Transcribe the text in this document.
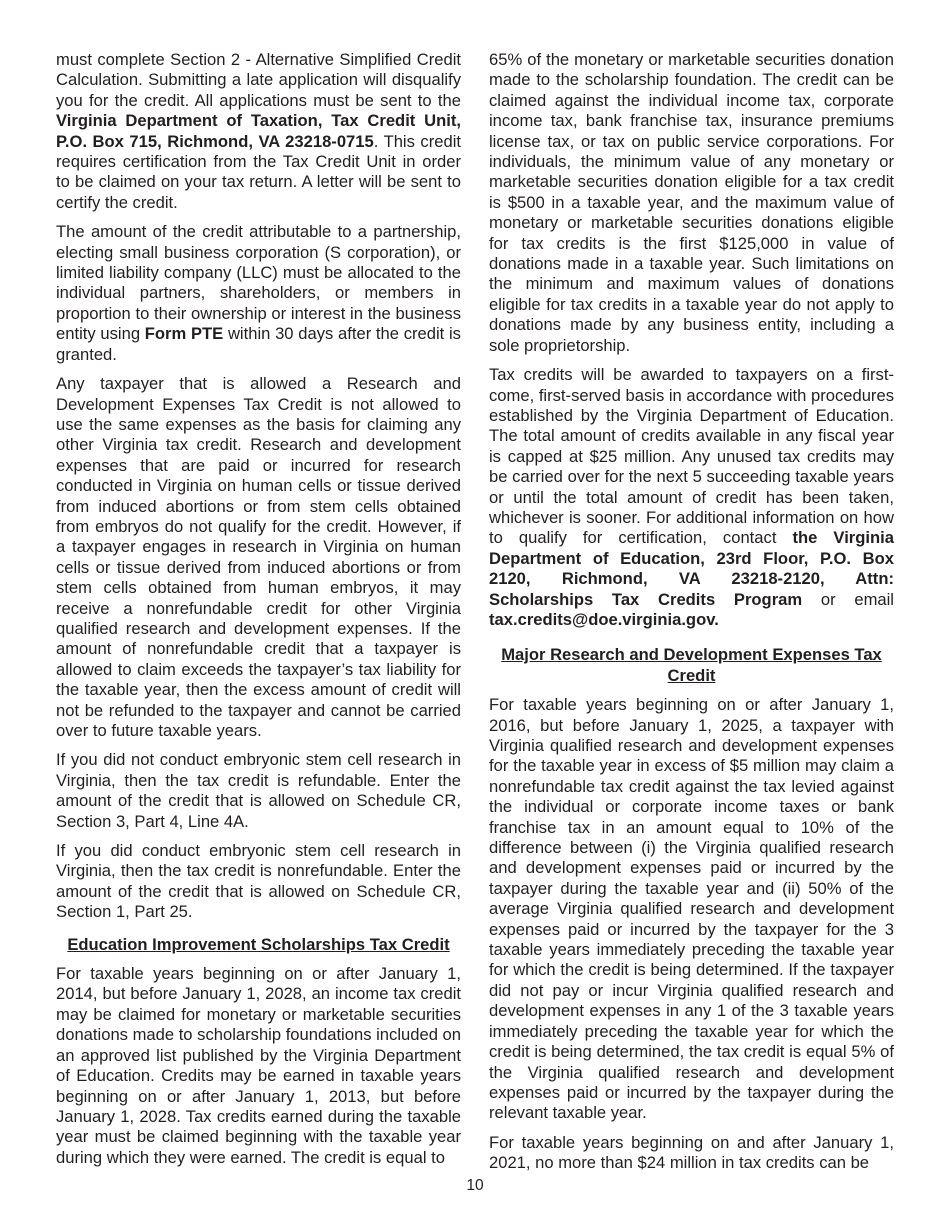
must complete Section 2 - Alternative Simplified Credit Calculation. Submitting a late application will disqualify you for the credit. All applications must be sent to the Virginia Department of Taxation, Tax Credit Unit, P.O. Box 715, Richmond, VA 23218-0715. This credit requires certification from the Tax Credit Unit in order to be claimed on your tax return. A letter will be sent to certify the credit.

The amount of the credit attributable to a partnership, electing small business corporation (S corporation), or limited liability company (LLC) must be allocated to the individual partners, shareholders, or members in proportion to their ownership or interest in the business entity using Form PTE within 30 days after the credit is granted.

Any taxpayer that is allowed a Research and Development Expenses Tax Credit is not allowed to use the same expenses as the basis for claiming any other Virginia tax credit. Research and development expenses that are paid or incurred for research conducted in Virginia on human cells or tissue derived from induced abortions or from stem cells obtained from embryos do not qualify for the credit. However, if a taxpayer engages in research in Virginia on human cells or tissue derived from induced abortions or from stem cells obtained from human embryos, it may receive a nonrefundable credit for other Virginia qualified research and development expenses. If the amount of nonrefundable credit that a taxpayer is allowed to claim exceeds the taxpayer’s tax liability for the taxable year, then the excess amount of credit will not be refunded to the taxpayer and cannot be carried over to future taxable years.

If you did not conduct embryonic stem cell research in Virginia, then the tax credit is refundable. Enter the amount of the credit that is allowed on Schedule CR, Section 3, Part 4, Line 4A.

If you did conduct embryonic stem cell research in Virginia, then the tax credit is nonrefundable. Enter the amount of the credit that is allowed on Schedule CR, Section 1, Part 25.

Education Improvement Scholarships Tax Credit

For taxable years beginning on or after January 1, 2014, but before January 1, 2028, an income tax credit may be claimed for monetary or marketable securities donations made to scholarship foundations included on an approved list published by the Virginia Department of Education. Credits may be earned in taxable years beginning on or after January 1, 2013, but before January 1, 2028. Tax credits earned during the taxable year must be claimed beginning with the taxable year during which they were earned. The credit is equal to

65% of the monetary or marketable securities donation made to the scholarship foundation. The credit can be claimed against the individual income tax, corporate income tax, bank franchise tax, insurance premiums license tax, or tax on public service corporations. For individuals, the minimum value of any monetary or marketable securities donation eligible for a tax credit is $500 in a taxable year, and the maximum value of monetary or marketable securities donations eligible for tax credits is the first $125,000 in value of donations made in a taxable year. Such limitations on the minimum and maximum values of donations eligible for tax credits in a taxable year do not apply to donations made by any business entity, including a sole proprietorship.

Tax credits will be awarded to taxpayers on a first-come, first-served basis in accordance with procedures established by the Virginia Department of Education. The total amount of credits available in any fiscal year is capped at $25 million. Any unused tax credits may be carried over for the next 5 succeeding taxable years or until the total amount of credit has been taken, whichever is sooner. For additional information on how to qualify for certification, contact the Virginia Department of Education, 23rd Floor, P.O. Box 2120, Richmond, VA 23218-2120, Attn: Scholarships Tax Credits Program or email tax.credits@doe.virginia.gov.

Major Research and Development Expenses Tax Credit

For taxable years beginning on or after January 1, 2016, but before January 1, 2025, a taxpayer with Virginia qualified research and development expenses for the taxable year in excess of $5 million may claim a nonrefundable tax credit against the tax levied against the individual or corporate income taxes or bank franchise tax in an amount equal to 10% of the difference between (i) the Virginia qualified research and development expenses paid or incurred by the taxpayer during the taxable year and (ii) 50% of the average Virginia qualified research and development expenses paid or incurred by the taxpayer for the 3 taxable years immediately preceding the taxable year for which the credit is being determined. If the taxpayer did not pay or incur Virginia qualified research and development expenses in any 1 of the 3 taxable years immediately preceding the taxable year for which the credit is being determined, the tax credit is equal 5% of the Virginia qualified research and development expenses paid or incurred by the taxpayer during the relevant taxable year.

For taxable years beginning on and after January 1, 2021, no more than $24 million in tax credits can be

10
